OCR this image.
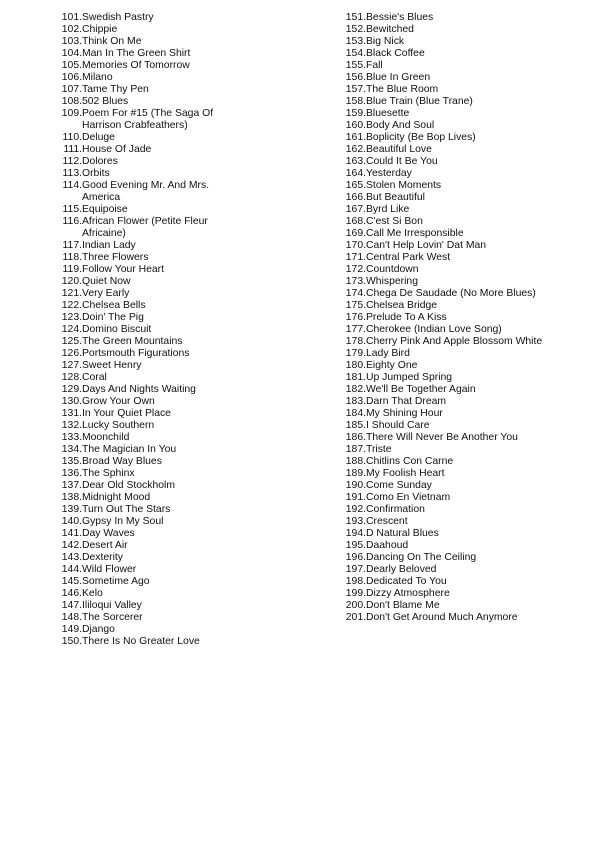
101. Swedish Pastry
102. Chippie
103. Think On Me
104. Man In The Green Shirt
105. Memories Of Tomorrow
106. Milano
107. Tame Thy Pen
108. 502 Blues
109. Poem For #15 (The Saga Of Harrison Crabfeathers)
110. Deluge
111. House Of Jade
112. Dolores
113. Orbits
114. Good Evening Mr. And Mrs. America
115. Equipoise
116. African Flower (Petite Fleur Africaine)
117. Indian Lady
118. Three Flowers
119. Follow Your Heart
120. Quiet Now
121. Very Early
122. Chelsea Bells
123. Doin' The Pig
124. Domino Biscuit
125. The Green Mountains
126. Portsmouth Figurations
127. Sweet Henry
128. Coral
129. Days And Nights Waiting
130. Grow Your Own
131. In Your Quiet Place
132. Lucky Southern
133. Moonchild
134. The Magician In You
135. Broad Way Blues
136. The Sphinx
137. Dear Old Stockholm
138. Midnight Mood
139. Turn Out The Stars
140. Gypsy In My Soul
141. Day Waves
142. Desert Air
143. Dexterity
144. Wild Flower
145. Sometime Ago
146. Kelo
147. Ililoqui Valley
148. The Sorcerer
149. Django
150. There Is No Greater Love
151. Bessie's Blues
152. Bewitched
153. Big Nick
154. Black Coffee
155. Fall
156. Blue In Green
157. The Blue Room
158. Blue Train (Blue Trane)
159. Bluesette
160. Body And Soul
161. Boplicity (Be Bop Lives)
162. Beautiful Love
163. Could It Be You
164. Yesterday
165. Stolen Moments
166. But Beautiful
167. Byrd Like
168. C'est Si Bon
169. Call Me Irresponsible
170. Can't Help Lovin' Dat Man
171. Central Park West
172. Countdown
173. Whispering
174. Chega De Saudade (No More Blues)
175. Chelsea Bridge
176. Prelude To A Kiss
177. Cherokee (Indian Love Song)
178. Cherry Pink And Apple Blossom White
179. Lady Bird
180. Eighty One
181. Up Jumped Spring
182. We'll Be Together Again
183. Darn That Dream
184. My Shining Hour
185. I Should Care
186. There Will Never Be Another You
187. Triste
188. Chitlins Con Carne
189. My Foolish Heart
190. Come Sunday
191. Como En Vietnam
192. Confirmation
193. Crescent
194. D Natural Blues
195. Daahoud
196. Dancing On The Ceiling
197. Dearly Beloved
198. Dedicated To You
199. Dizzy Atmosphere
200. Don't Blame Me
201. Don't Get Around Much Anymore
